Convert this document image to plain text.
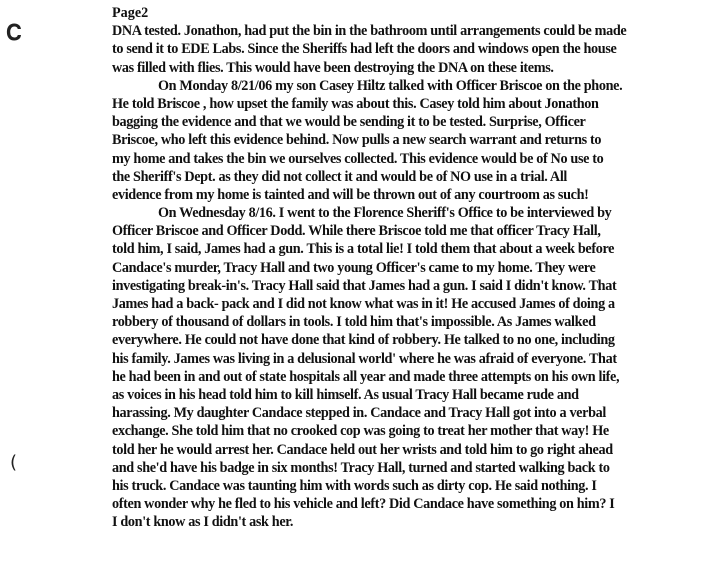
𝐂
(
Page2
DNA tested. Jonathon, had put the bin in the bathroom until arrangements could be made
to send it to EDE Labs. Since the Sheriffs had left the doors and windows open the house
was filled with flies. This would have been destroying the DNA on these items.
On Monday 8/21/06 my son Casey Hiltz talked with Officer Briscoe on the phone.
He told Briscoe , how upset the family was about this. Casey told him about Jonathon
bagging the evidence and that we would be sending it to be tested. Surprise, Officer
Briscoe, who left this evidence behind. Now pulls a new search warrant and returns to
my home and takes the bin we ourselves collected. This evidence would be of No use to
the Sheriff's Dept. as they did not collect it and would be of NO use in a trial. All
evidence from my home is tainted and will be thrown out of any courtroom as such!
On Wednesday 8/16. I went to the Florence Sheriff's Office to be interviewed by
Officer Briscoe and Officer Dodd. While there Briscoe told me that officer Tracy Hall,
told him, I said, James had a gun. This is a total lie! I told them that about a week before
Candace's murder, Tracy Hall and two young Officer's came to my home. They were
investigating break-in's. Tracy Hall said that James had a gun. I said I didn't know. That
James had a back- pack and I did not know what was in it! He accused James of doing a
robbery of thousand of dollars in tools. I told him that's impossible. As James walked
everywhere. He could not have done that kind of robbery. He talked to no one, including
his family. James was living in a delusional world' where he was afraid of everyone. That
he had been in and out of state hospitals all year and made three attempts on his own life,
as voices in his head told him to kill himself. As usual Tracy Hall became rude and
harassing. My daughter Candace stepped in. Candace and Tracy Hall got into a verbal
exchange. She told him that no crooked cop was going to treat her mother that way! He
told her he would arrest her. Candace held out her wrists and told him to go right ahead
and she'd have his badge in six months! Tracy Hall, turned and started walking back to
his truck. Candace was taunting him with words such as dirty cop. He said nothing. I
often wonder why he fled to his vehicle and left? Did Candace have something on him? I
I don't know as I didn't ask her.
